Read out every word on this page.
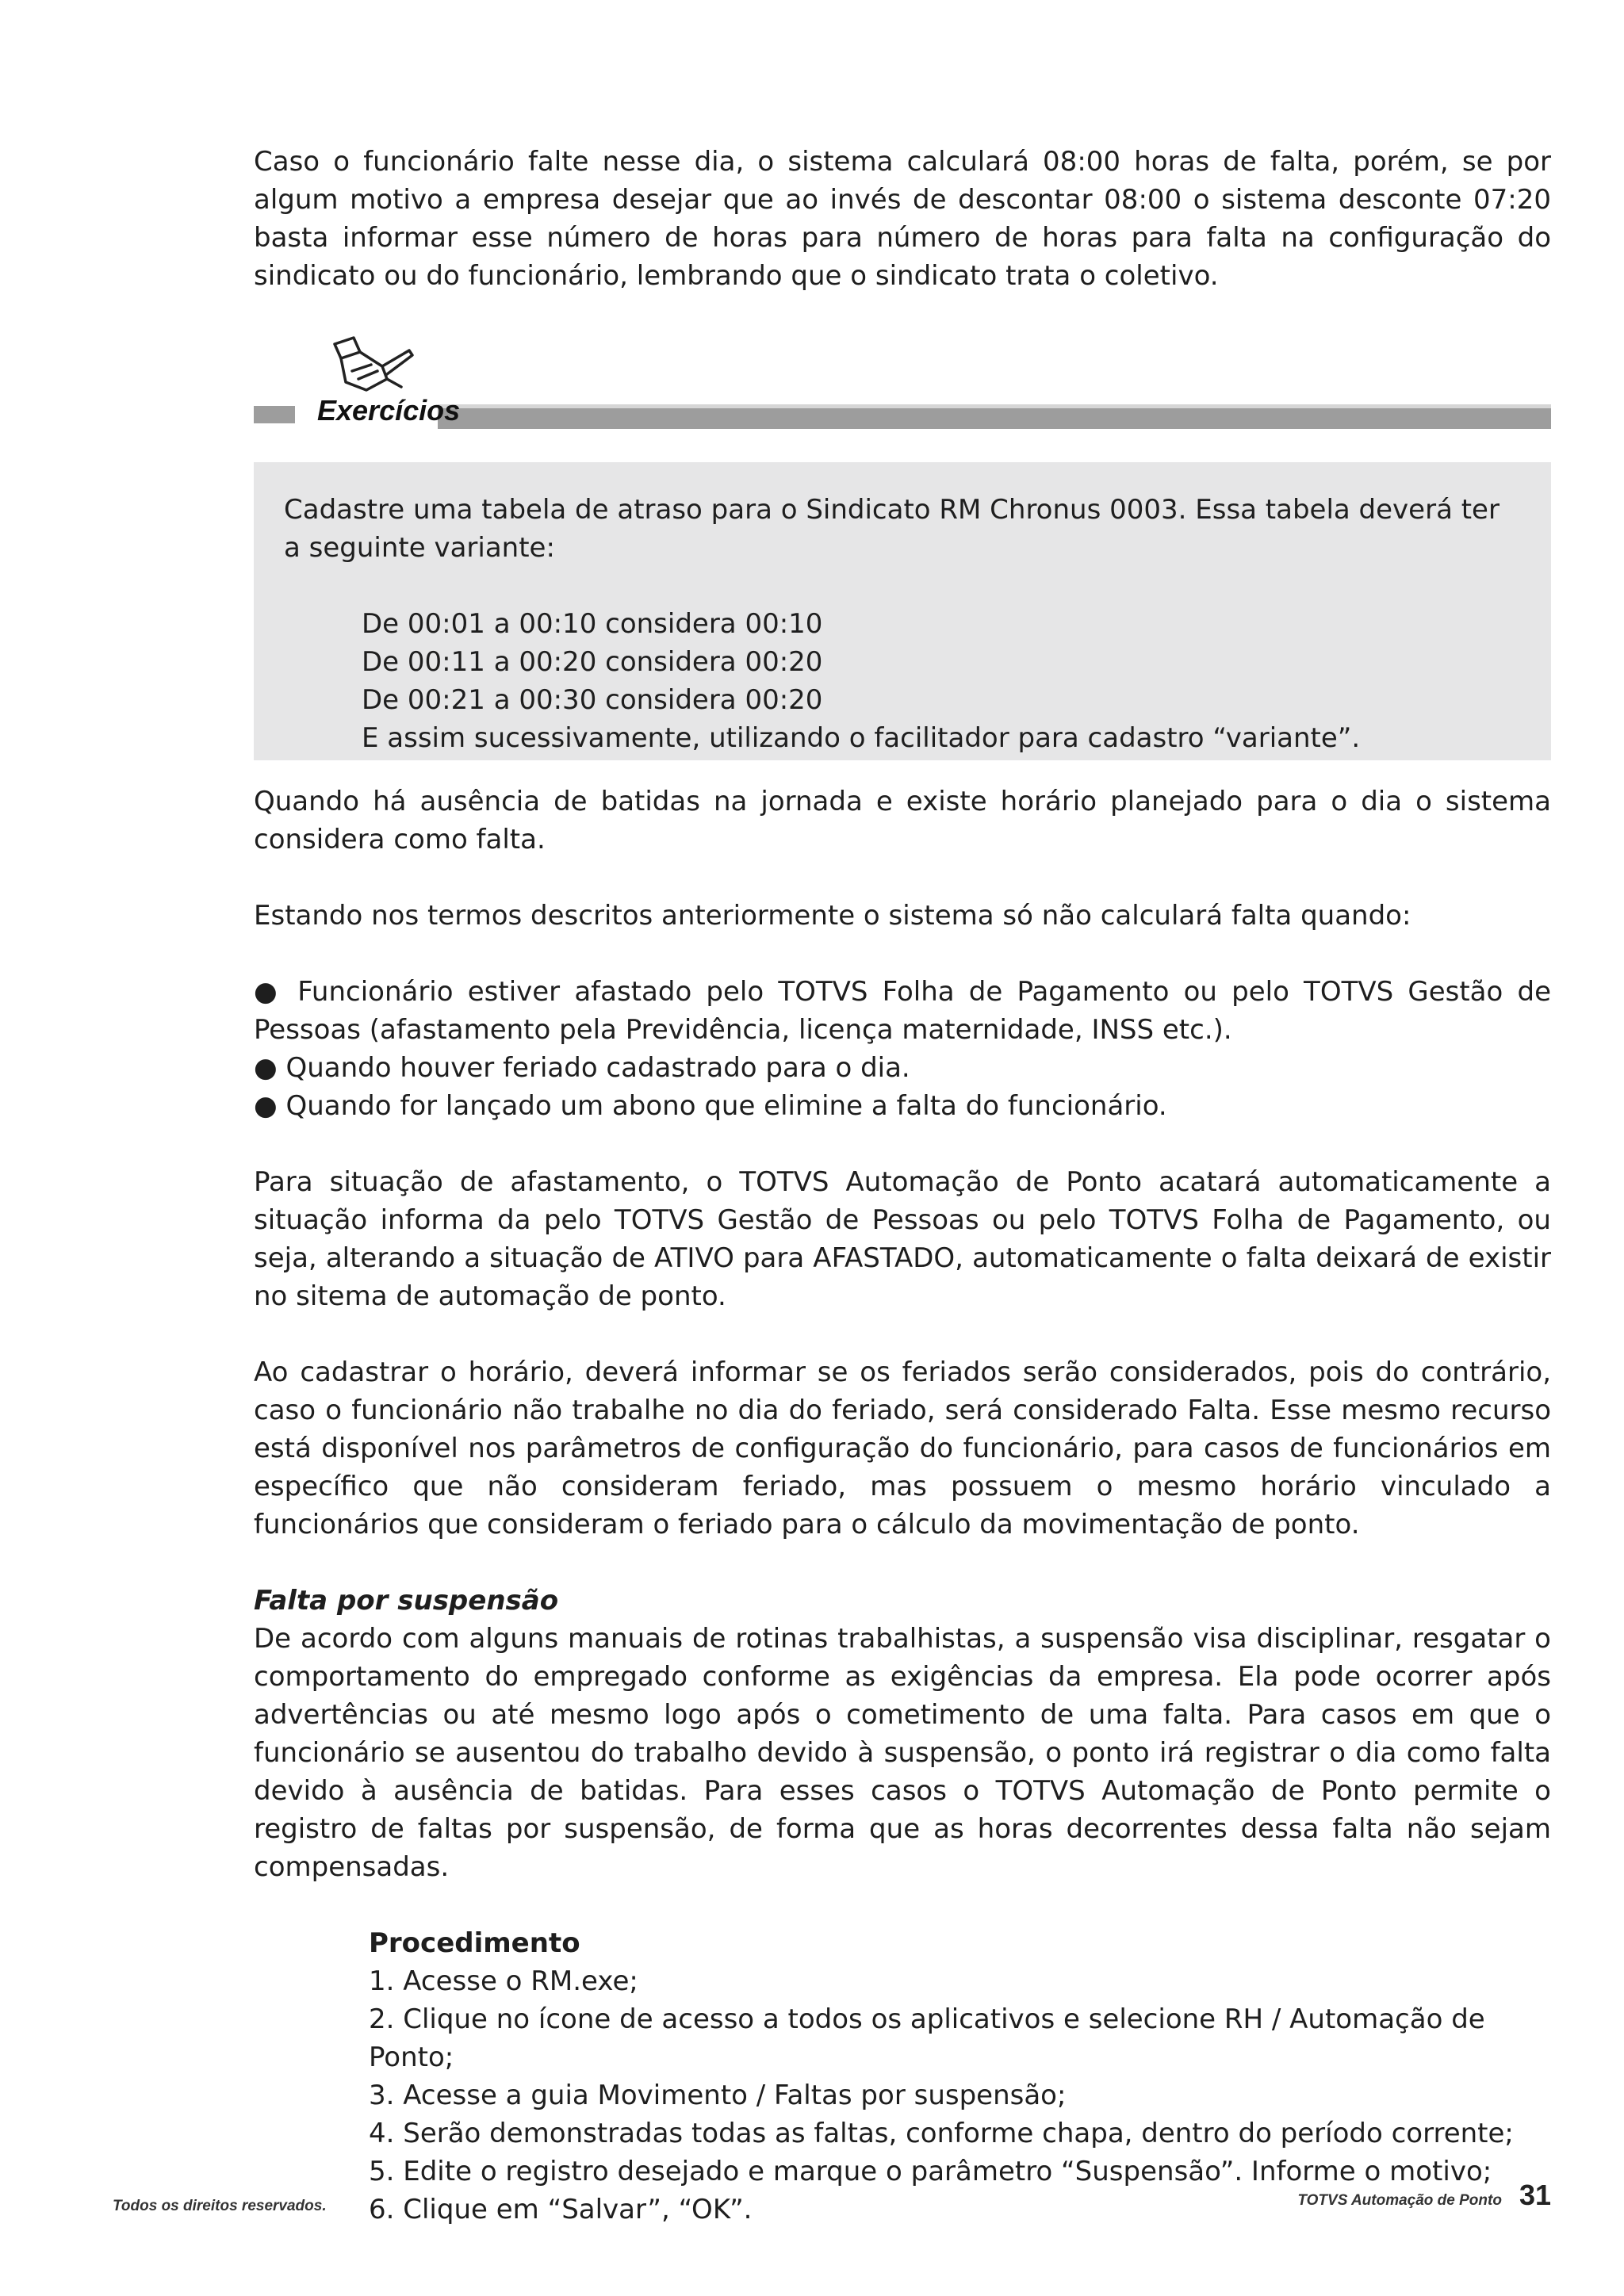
Caso o funcionário falte nesse dia, o sistema calculará 08:00 horas de falta, porém, se por algum motivo a empresa desejar que ao invés de descontar 08:00 o sistema desconte 07:20 basta informar esse número de horas para número de horas para falta na configuração do sindicato ou do funcionário, lembrando que o sindicato trata o coletivo.

Exercícios

Cadastre uma tabela de atraso para o Sindicato RM Chronus 0003. Essa tabela deverá ter a seguinte variante:

De 00:01 a 00:10 considera 00:10

De 00:11 a 00:20 considera 00:20

De 00:21 a 00:30 considera 00:20

E assim sucessivamente, utilizando o facilitador para cadastro “variante”.

Quando há ausência de batidas na jornada e existe horário planejado para o dia o sistema considera como falta.

Estando nos termos descritos anteriormente o sistema só não calculará falta quando:

● Funcionário estiver afastado pelo TOTVS Folha de Pagamento ou pelo TOTVS Gestão de Pessoas (afastamento pela Previdência, licença maternidade, INSS etc.).

● Quando houver feriado cadastrado para o dia.

● Quando for lançado um abono que elimine a falta do funcionário.

Para situação de afastamento, o TOTVS Automação de Ponto acatará automaticamente a situação informa da pelo TOTVS Gestão de Pessoas ou pelo TOTVS Folha de Pagamento, ou seja, alterando a situação de ATIVO para AFASTADO, automaticamente o falta deixará de existir no sitema de automação de ponto.

Ao cadastrar o horário, deverá informar se os feriados serão considerados, pois do contrário, caso o funcionário não trabalhe no dia do feriado, será considerado Falta. Esse mesmo recurso está disponível nos parâmetros de configuração do funcionário, para casos de funcionários em específico que não consideram feriado, mas possuem o mesmo horário vinculado a funcionários que consideram o feriado para o cálculo da movimentação de ponto.

Falta por suspensão

De acordo com alguns manuais de rotinas trabalhistas, a suspensão visa disciplinar, resgatar o comportamento do empregado conforme as exigências da empresa. Ela pode ocorrer após advertências ou até mesmo logo após o cometimento de uma falta. Para casos em que o funcionário se ausentou do trabalho devido à suspensão, o ponto irá registrar o dia como falta devido à ausência de batidas. Para esses casos o TOTVS Automação de Ponto permite o registro de faltas por suspensão, de forma que as horas decorrentes dessa falta não sejam compensadas.

Procedimento

1. Acesse o RM.exe;

2. Clique no ícone de acesso a todos os aplicativos e selecione RH / Automação de Ponto;

3. Acesse a guia Movimento / Faltas por suspensão;

4. Serão demonstradas todas as faltas, conforme chapa, dentro do período corrente;

5. Edite o registro desejado e marque o parâmetro “Suspensão”. Informe o motivo;

6. Clique em “Salvar”, “OK”.

Todos os direitos reservados.	TOTVS Automação de Ponto 31
